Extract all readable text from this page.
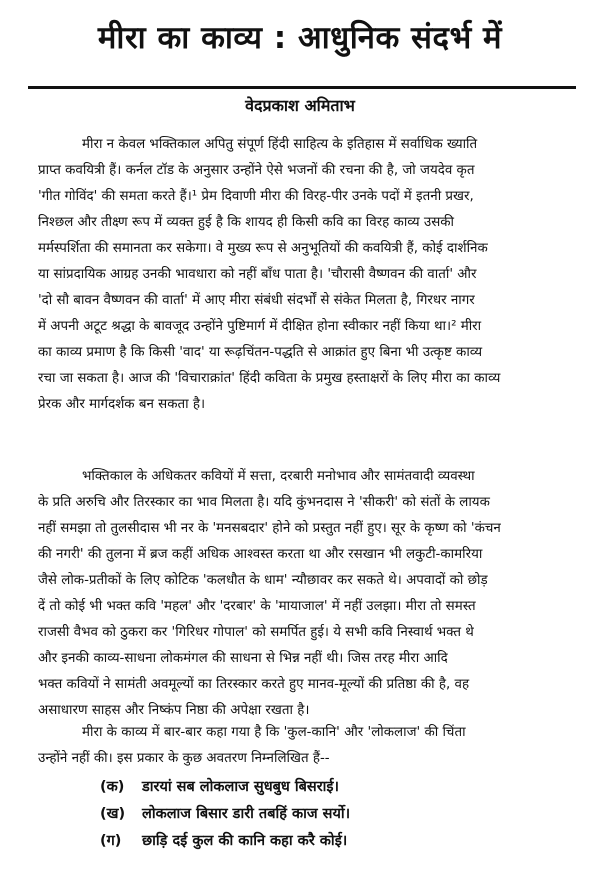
मीरा का काव्य : आधुनिक संदर्भ में
वेदप्रकाश अमिताभ
मीरा न केवल भक्तिकाल अपितु संपूर्ण हिंदी साहित्य के इतिहास में सर्वाधिक ख्याति
प्राप्त कवयित्री हैं। कर्नल टॉड के अनुसार उन्होंने ऐसे भजनों की रचना की है, जो जयदेव कृत
'गीत गोविंद' की समता करते हैं।¹ प्रेम दिवाणी मीरा की विरह-पीर उनके पदों में इतनी प्रखर,
निश्छल और तीक्ष्ण रूप में व्यक्त हुई है कि शायद ही किसी कवि का विरह काव्य उसकी
मर्मस्पर्शिता की समानता कर सकेगा। वे मुख्य रूप से अनुभूतियों की कवयित्री हैं, कोई दार्शनिक
या सांप्रदायिक आग्रह उनकी भावधारा को नहीं बाँध पाता है। 'चौरासी वैष्णवन की वार्ता' और
'दो सौ बावन वैष्णवन की वार्ता' में आए मीरा संबंधी संदर्भों से संकेत मिलता है, गिरधर नागर
में अपनी अटूट श्रद्धा के बावजूद उन्होंने पुष्टिमार्ग में दीक्षित होना स्वीकार नहीं किया था।² मीरा
का काव्य प्रमाण है कि किसी 'वाद' या रूढ़चिंतन-पद्धति से आक्रांत हुए बिना भी उत्कृष्ट काव्य
रचा जा सकता है। आज की 'विचाराक्रांत' हिंदी कविता के प्रमुख हस्ताक्षरों के लिए मीरा का काव्य
प्रेरक और मार्गदर्शक बन सकता है।
भक्तिकाल के अधिकतर कवियों में सत्ता, दरबारी मनोभाव और सामंतवादी व्यवस्था
के प्रति अरुचि और तिरस्कार का भाव मिलता है। यदि कुंभनदास ने 'सीकरी' को संतों के लायक
नहीं समझा तो तुलसीदास भी नर के 'मनसबदार' होने को प्रस्तुत नहीं हुए। सूर के कृष्ण को 'कंचन
की नगरी' की तुलना में ब्रज कहीं अधिक आश्वस्त करता था और रसखान भी लकुटी-कामरिया
जैसे लोक-प्रतीकों के लिए कोटिक 'कलधौत के धाम' न्यौछावर कर सकते थे। अपवादों को छोड़
दें तो कोई भी भक्त कवि 'महल' और 'दरबार' के 'मायाजाल' में नहीं उलझा। मीरा तो समस्त
राजसी वैभव को ठुकरा कर 'गिरिधर गोपाल' को समर्पित हुई। ये सभी कवि निस्वार्थ भक्त थे
और इनकी काव्य-साधना लोकमंगल की साधना से भिन्न नहीं थी। जिस तरह मीरा आदि
भक्त कवियों ने सामंती अवमूल्यों का तिरस्कार करते हुए मानव-मूल्यों की प्रतिष्ठा की है, वह
असाधारण साहस और निष्कंप निष्ठा की अपेक्षा रखता है।
मीरा के काव्य में बार-बार कहा गया है कि 'कुल-कानि' और 'लोकलाज' की चिंता
उन्होंने नहीं की। इस प्रकार के कुछ अवतरण निम्नलिखित हैं--
(क) डारयां सब लोकलाज सुधबुध बिसराई।
(ख) लोकलाज बिसार डारी तबहिं काज सर्यो।
(ग) छाड़ि दई कुल की कानि कहा करै कोई।
